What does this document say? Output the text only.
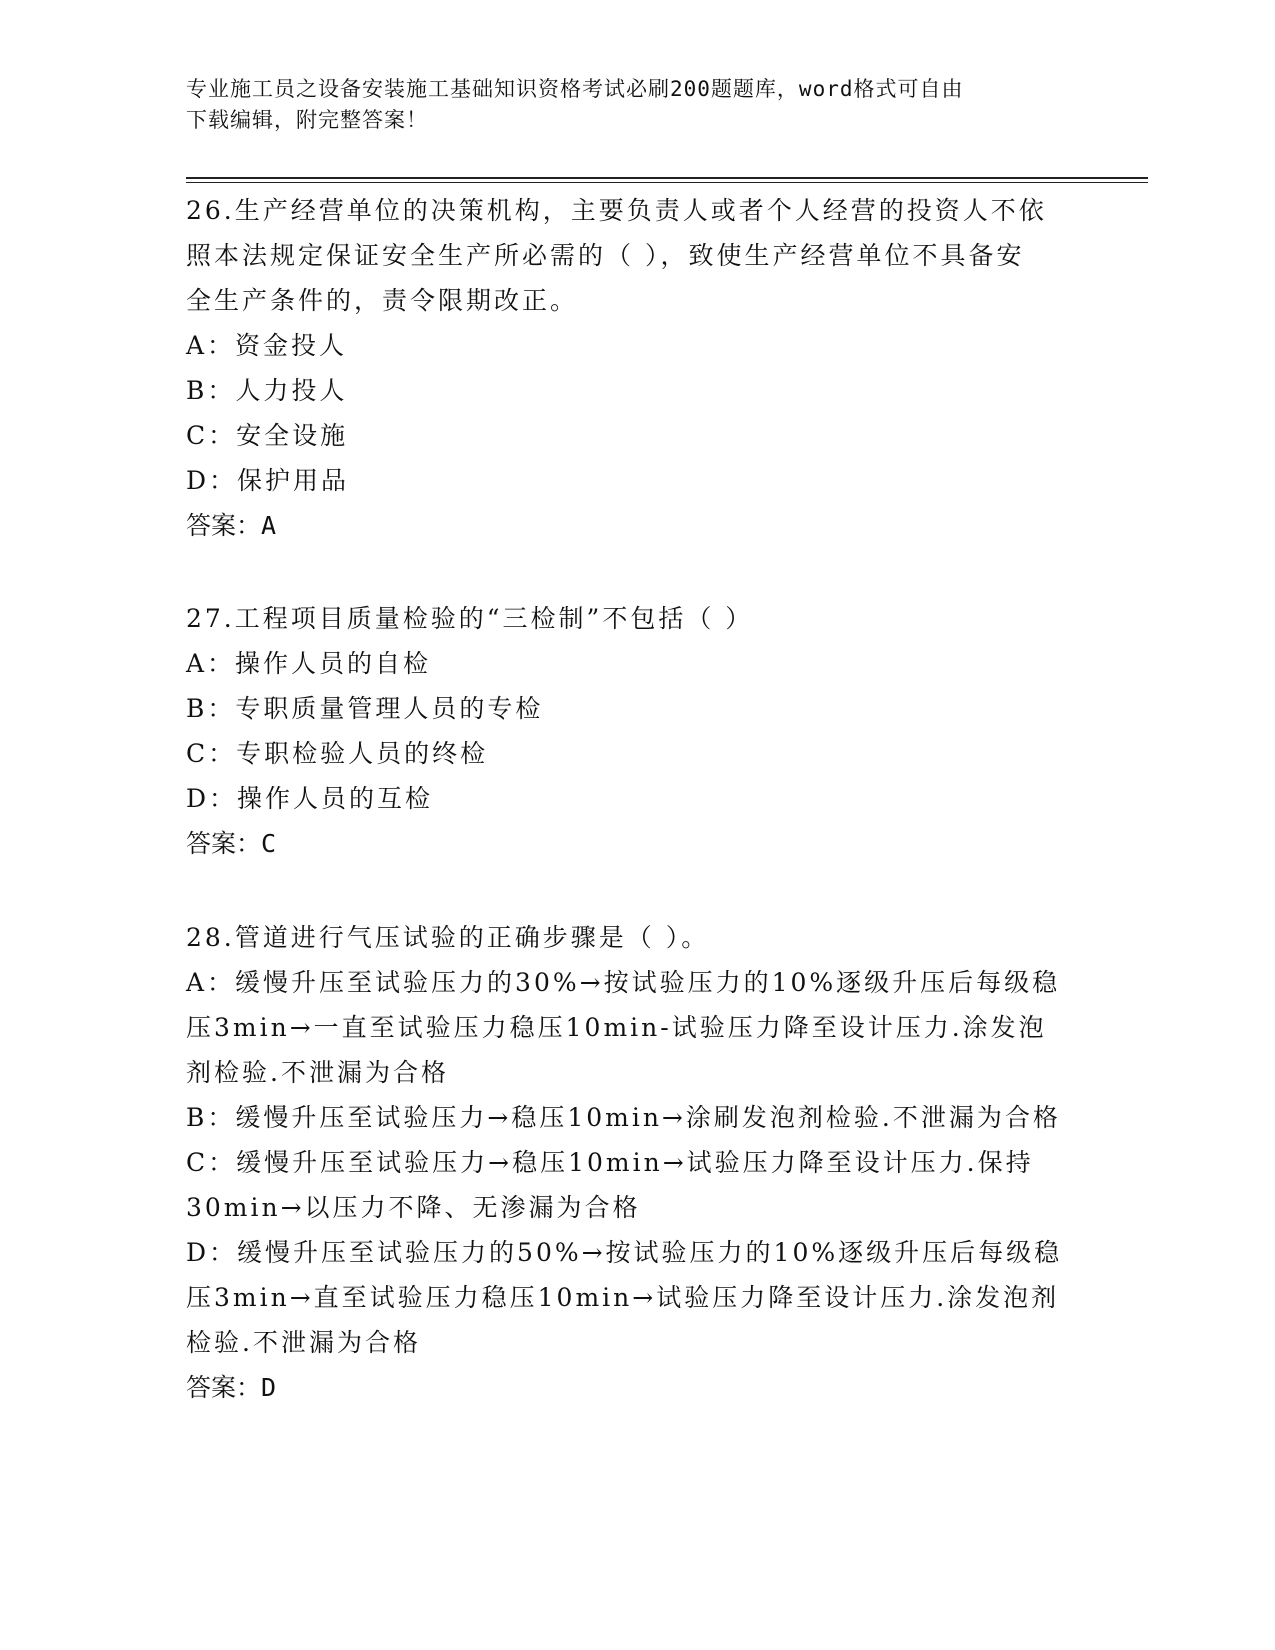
专业施工员之设备安装施工基础知识资格考试必刷200题题库，word格式可自由
下载编辑，附完整答案！

26.生产经营单位的决策机构，主要负责人或者个人经营的投资人不依

照本法规定保证安全生产所必需的（ ），致使生产经营单位不具备安

全生产条件的，责令限期改正。

A：资金投人

B：人力投人

C：安全设施

D：保护用品

答案：A

27.工程项目质量检验的“三检制”不包括（ ）

A：操作人员的自检

B：专职质量管理人员的专检

C：专职检验人员的终检

D：操作人员的互检

答案：C

28.管道进行气压试验的正确步骤是（ ）。

A：缓慢升压至试验压力的30%→按试验压力的10%逐级升压后每级稳

压3min→一直至试验压力稳压10min-试验压力降至设计压力.涂发泡

剂检验.不泄漏为合格

B：缓慢升压至试验压力→稳压10min→涂刷发泡剂检验.不泄漏为合格

C：缓慢升压至试验压力→稳压10min→试验压力降至设计压力.保持

30min→以压力不降、无渗漏为合格

D：缓慢升压至试验压力的50%→按试验压力的10%逐级升压后每级稳

压3min→直至试验压力稳压10min→试验压力降至设计压力.涂发泡剂

检验.不泄漏为合格

答案：D
